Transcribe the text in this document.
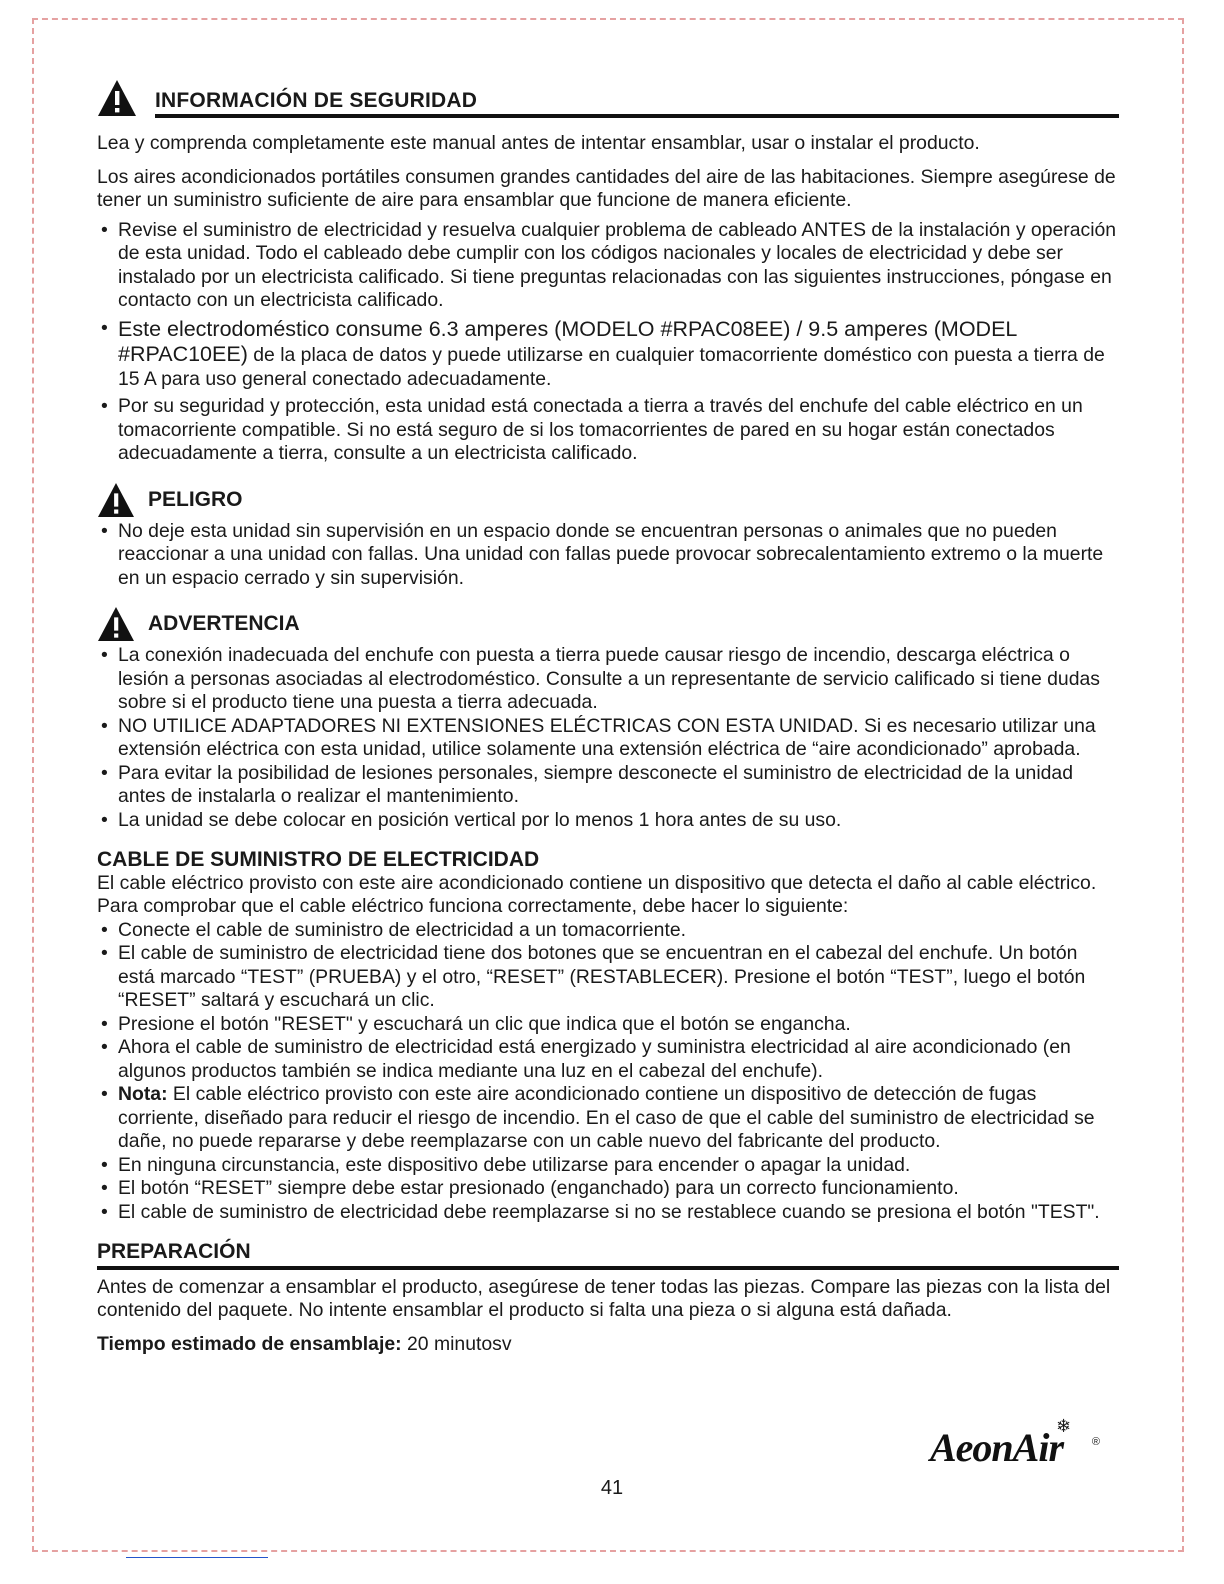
INFORMACIÓN DE SEGURIDAD

Lea y comprenda completamente este manual antes de intentar ensamblar, usar o instalar el producto.

Los aires acondicionados portátiles consumen grandes cantidades del aire de las habitaciones. Siempre asegúrese de tener un suministro suficiente de aire para ensamblar que funcione de manera eficiente.

• Revise el suministro de electricidad y resuelva cualquier problema de cableado ANTES de la instalación y operación de esta unidad. Todo el cableado debe cumplir con los códigos nacionales y locales de electricidad y debe ser instalado por un electricista calificado. Si tiene preguntas relacionadas con las siguientes instrucciones, póngase en contacto con un electricista calificado.
• Este electrodoméstico consume 6.3 amperes (MODELO #RPAC08EE) / 9.5 amperes (MODEL #RPAC10EE) de la placa de datos y puede utilizarse en cualquier tomacorriente doméstico con puesta a tierra de 15 A para uso general conectado adecuadamente.
• Por su seguridad y protección, esta unidad está conectada a tierra a través del enchufe del cable eléctrico en un tomacorriente compatible. Si no está seguro de si los tomacorrientes de pared en su hogar están conectados adecuadamente a tierra, consulte a un electricista calificado.
PELIGRO
• No deje esta unidad sin supervisión en un espacio donde se encuentran personas o animales que no pueden reaccionar a una unidad con fallas. Una unidad con fallas puede provocar sobrecalentamiento extremo o la muerte en un espacio cerrado y sin supervisión.
ADVERTENCIA
• La conexión inadecuada del enchufe con puesta a tierra puede causar riesgo de incendio, descarga eléctrica o lesión a personas asociadas al electrodoméstico. Consulte a un representante de servicio calificado si tiene dudas sobre si el producto tiene una puesta a tierra adecuada.
• NO UTILICE ADAPTADORES NI EXTENSIONES ELÉCTRICAS CON ESTA UNIDAD. Si es necesario utilizar una extensión eléctrica con esta unidad, utilice solamente una extensión eléctrica de “aire acondicionado” aprobada.
• Para evitar la posibilidad de lesiones personales, siempre desconecte el suministro de electricidad de la unidad antes de instalarla o realizar el mantenimiento.
• La unidad se debe colocar en posición vertical por lo menos 1 hora antes de su uso.
CABLE DE SUMINISTRO DE ELECTRICIDAD

El cable eléctrico provisto con este aire acondicionado contiene un dispositivo que detecta el daño al cable eléctrico. Para comprobar que el cable eléctrico funciona correctamente, debe hacer lo siguiente:

• Conecte el cable de suministro de electricidad a un tomacorriente.
• El cable de suministro de electricidad tiene dos botones que se encuentran en el cabezal del enchufe. Un botón está marcado “TEST” (PRUEBA) y el otro, “RESET” (RESTABLECER). Presione el botón “TEST”, luego el botón “RESET” saltará y escuchará un clic.
• Presione el botón "RESET" y escuchará un clic que indica que el botón se engancha.
• Ahora el cable de suministro de electricidad está energizado y suministra electricidad al aire acondicionado (en algunos productos también se indica mediante una luz en el cabezal del enchufe).
• Nota: El cable eléctrico provisto con este aire acondicionado contiene un dispositivo de detección de fugas corriente, diseñado para reducir el riesgo de incendio. En el caso de que el cable del suministro de electricidad se dañe, no puede repararse y debe reemplazarse con un cable nuevo del fabricante del producto.
• En ninguna circunstancia, este dispositivo debe utilizarse para encender o apagar la unidad.
• El botón “RESET” siempre debe estar presionado (enganchado) para un correcto funcionamiento.
• El cable de suministro de electricidad debe reemplazarse si no se restablece cuando se presiona el botón "TEST".
PREPARACIÓN

Antes de comenzar a ensamblar el producto, asegúrese de tener todas las piezas. Compare las piezas con la lista del contenido del paquete. No intente ensamblar el producto si falta una pieza o si alguna está dañada.

Tiempo estimado de ensamblaje: 20 minutosv

AeonAir
❄
®
41
